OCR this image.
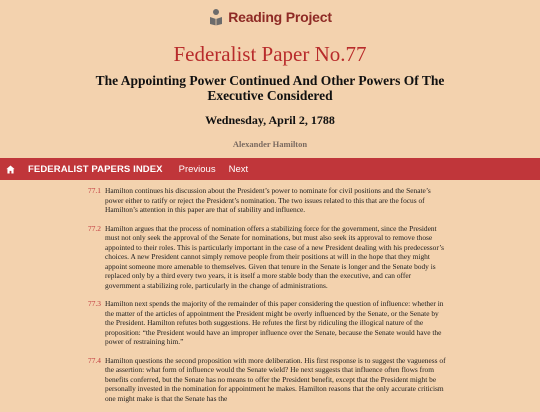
Reading Project
Federalist Paper No.77
The Appointing Power Continued And Other Powers Of The Executive Considered
Wednesday, April 2, 1788
Alexander Hamilton
FEDERALIST PAPERS INDEX Previous Next
77.1 Hamilton continues his discussion about the President’s power to nominate for civil positions and the Senate’s power either to ratify or reject the President’s nomination. The two issues related to this that are the focus of Hamilton’s attention in this paper are that of stability and influence.
77.2 Hamilton argues that the process of nomination offers a stabilizing force for the government, since the President must not only seek the approval of the Senate for nominations, but must also seek its approval to remove those appointed to their roles. This is particularly important in the case of a new President dealing with his predecessor’s choices. A new President cannot simply remove people from their positions at will in the hope that they might appoint someone more amenable to themselves. Given that tenure in the Senate is longer and the Senate body is replaced only by a third every two years, it is itself a more stable body than the executive, and can offer government a stabilizing role, particularly in the change of administrations.
77.3 Hamilton next spends the majority of the remainder of this paper considering the question of influence: whether in the matter of the articles of appointment the President might be overly influenced by the Senate, or the Senate by the President. Hamilton refutes both suggestions. He refutes the first by ridiculing the illogical nature of the proposition: “the President would have an improper influence over the Senate, because the Senate would have the power of restraining him.”
77.4 Hamilton questions the second proposition with more deliberation. His first response is to suggest the vagueness of the assertion: what form of influence would the Senate wield? He next suggests that influence often flows from benefits conferred, but the Senate has no means to offer the President benefit, except that the President might be personally invested in the nomination for appointment he makes. Hamilton reasons that the only accurate criticism one might make is that the Senate has the
